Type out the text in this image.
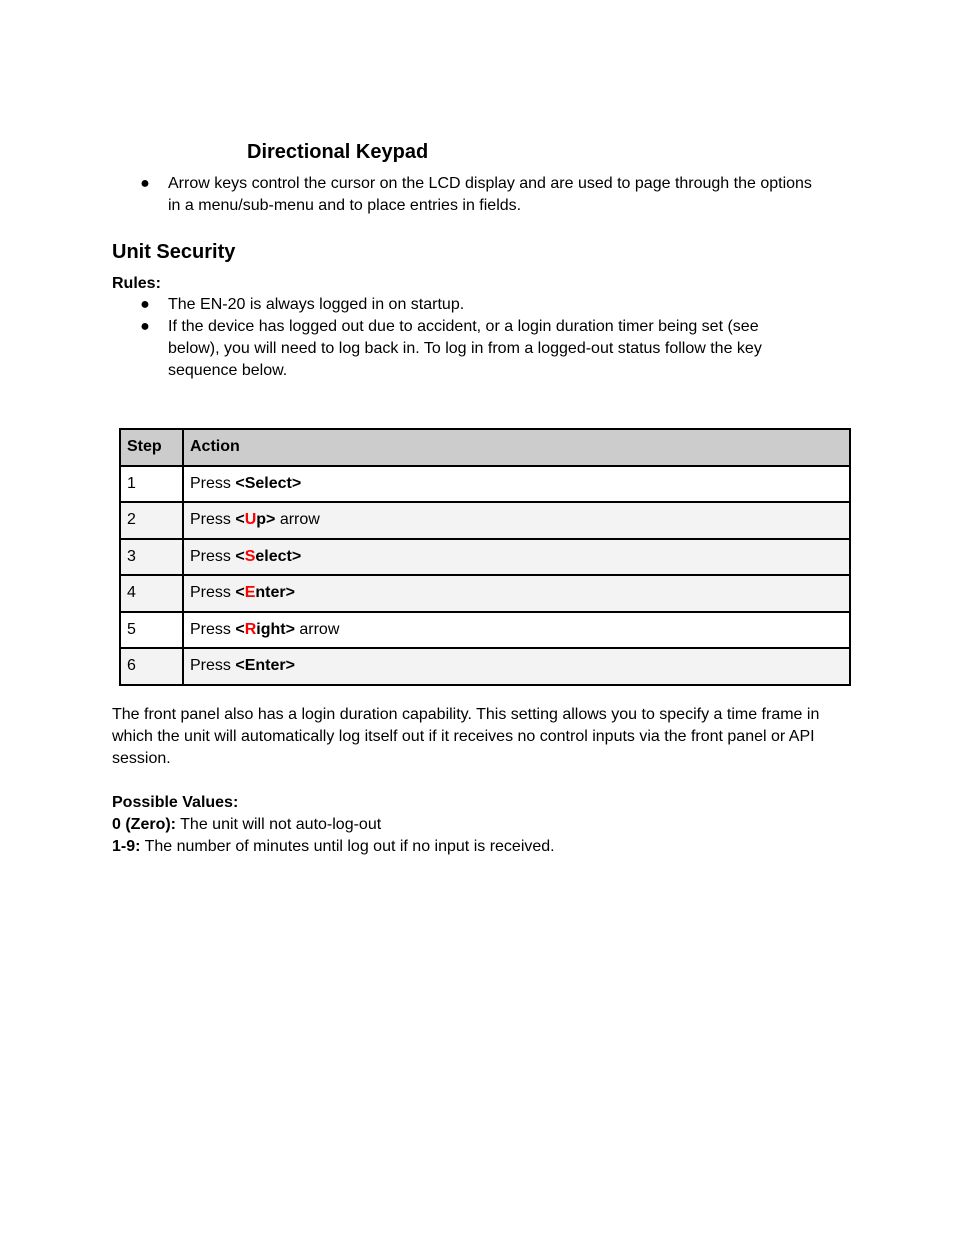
Directional Keypad
● Arrow keys control the cursor on the LCD display and are used to page through the options in a menu/sub-menu and to place entries in fields.
Unit Security
Rules:
● The EN-20 is always logged in on startup.
● If the device has logged out due to accident, or a login duration timer being set (see below), you will need to log back in. To log in from a logged-out status follow the key sequence below.
Step	Action
1	Press <Select>
2	Press <Up> arrow
3	Press <Select>
4	Press <Enter>
5	Press <Right> arrow
6	Press <Enter>
The front panel also has a login duration capability. This setting allows you to specify a time frame in which the unit will automatically log itself out if it receives no control inputs via the front panel or API session.
Possible Values:
0 (Zero): The unit will not auto-log-out
1-9: The number of minutes until log out if no input is received.
